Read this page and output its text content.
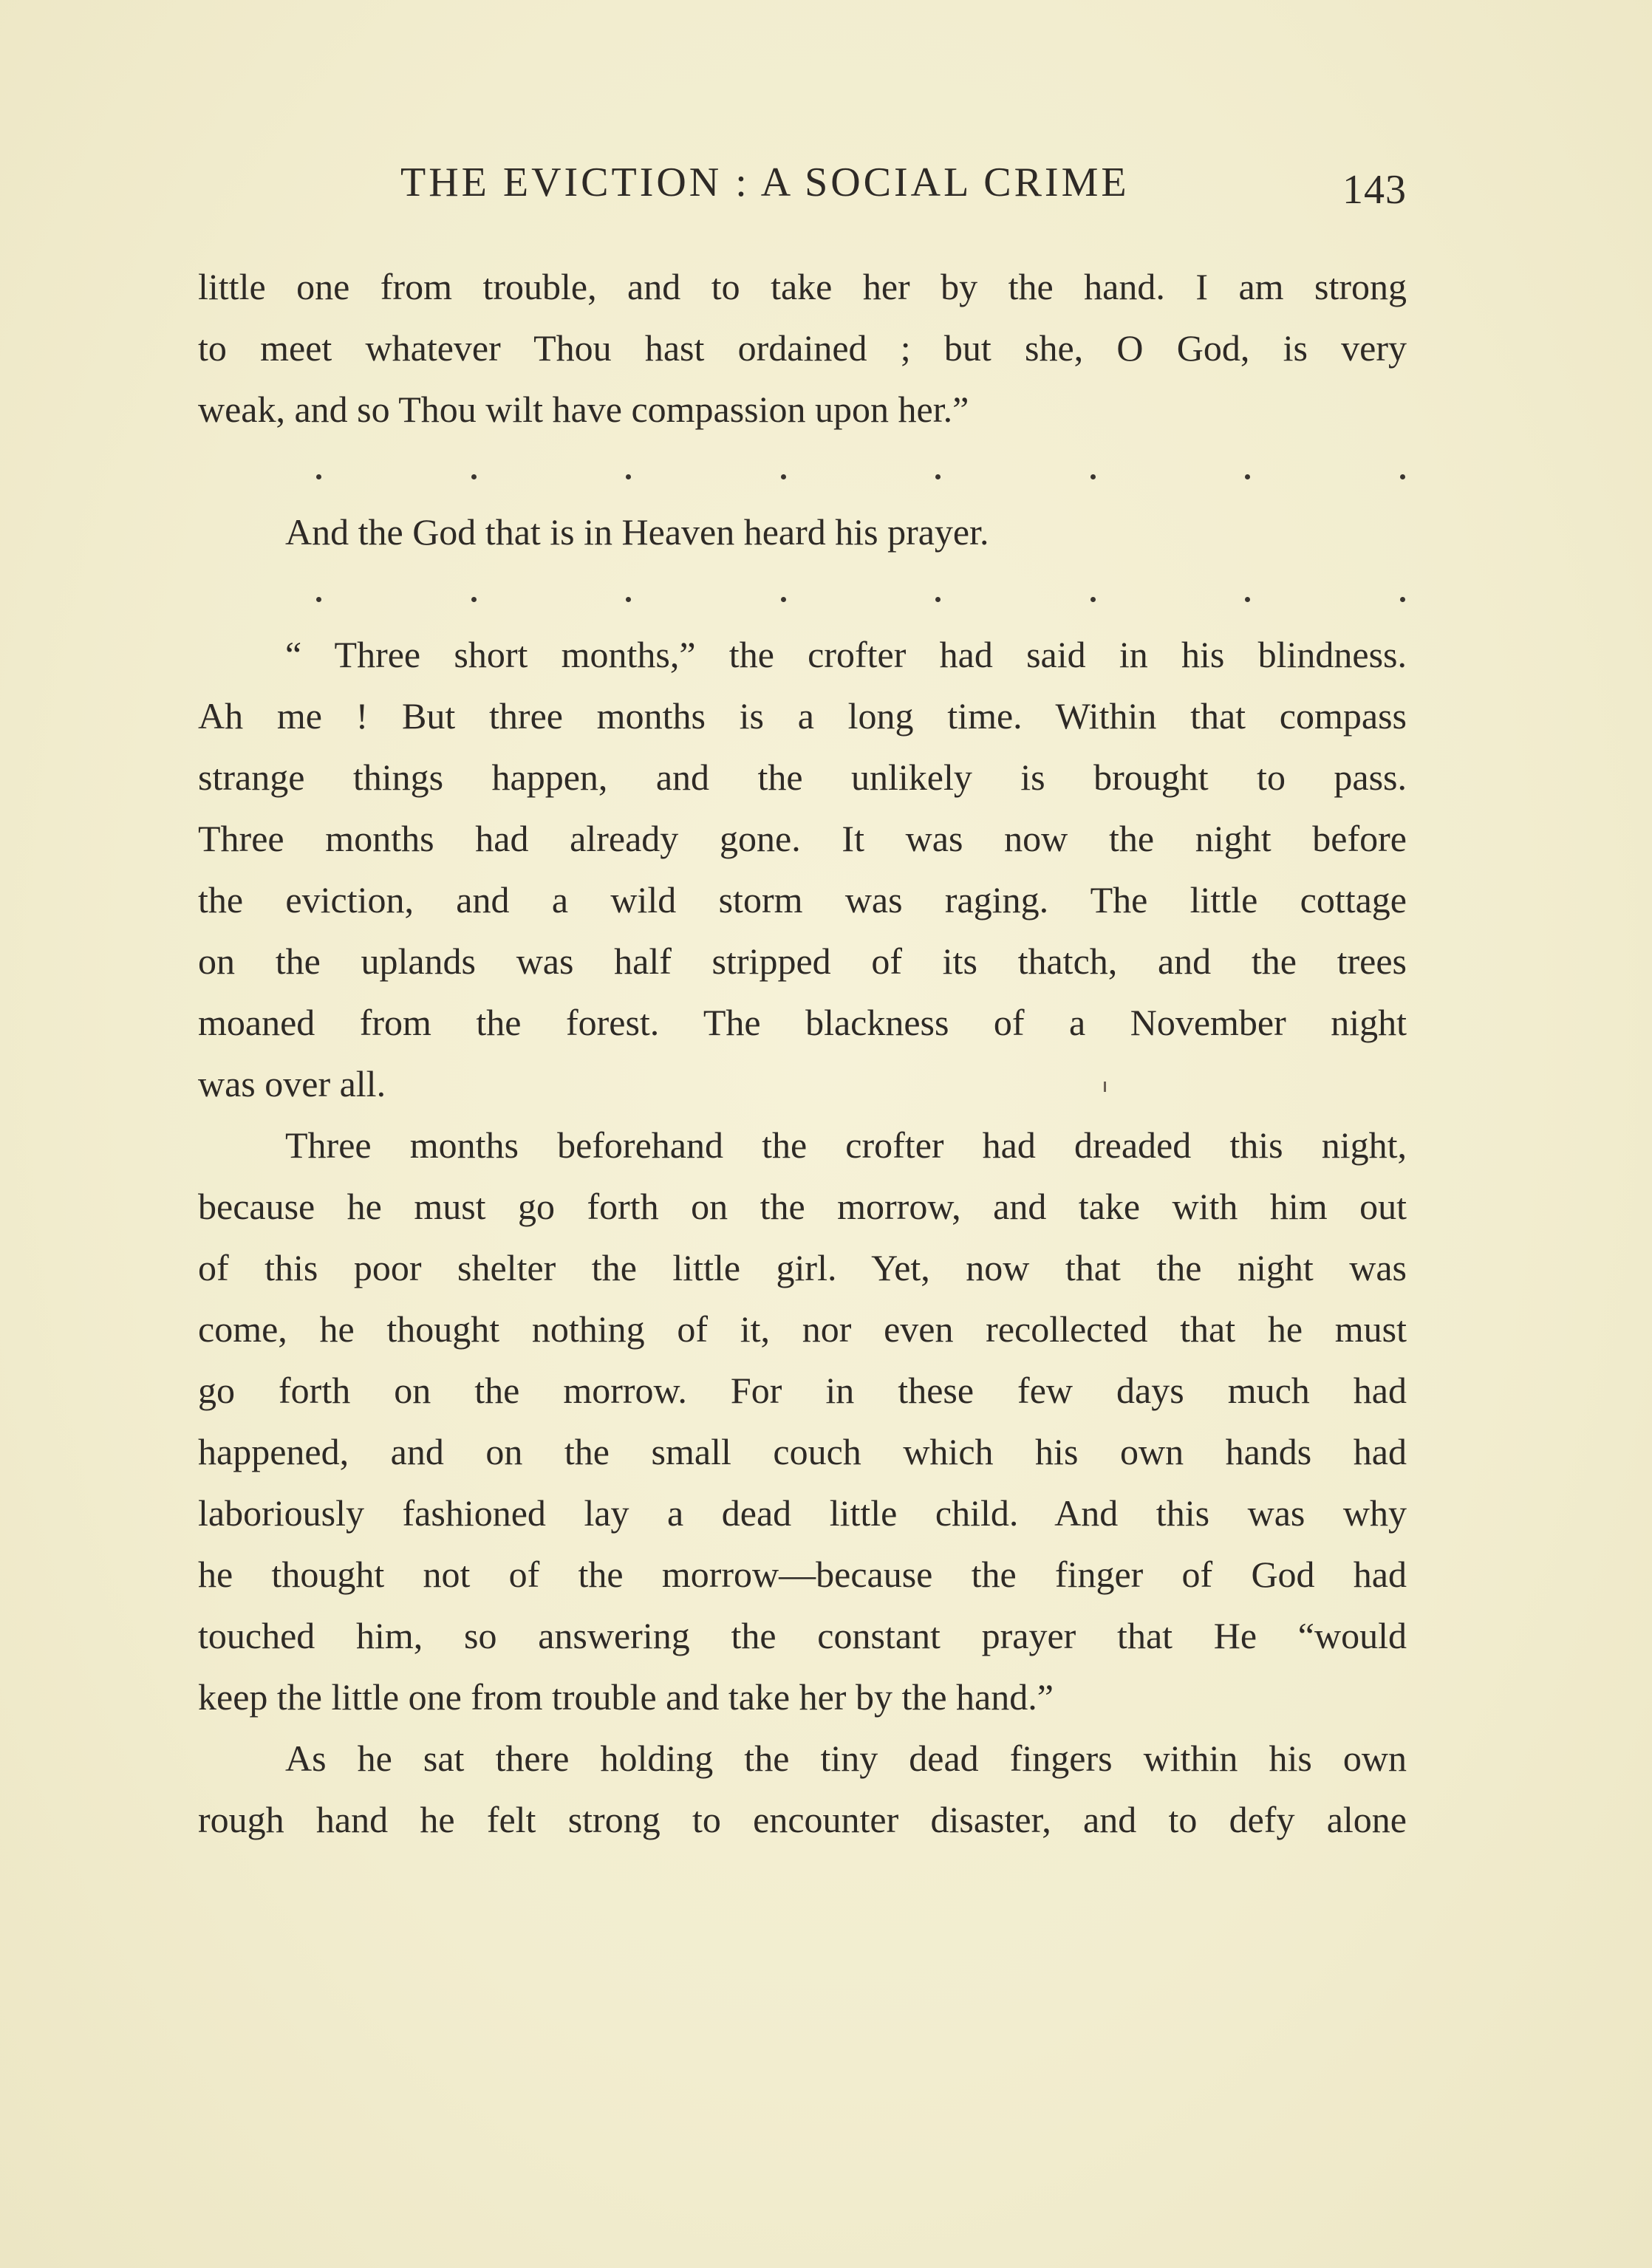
THE EVICTION : A SOCIAL CRIME	143
little one from trouble, and to take her by the hand. I am strong
to meet whatever Thou hast ordained ; but she, O God, is very
weak, and so Thou wilt have compassion upon her.”
And the God that is in Heaven heard his prayer.
“ Three short months,” the crofter had said in his blindness.
Ah me ! But three months is a long time. Within that compass
strange things happen, and the unlikely is brought to pass.
Three months had already gone. It was now the night before
the eviction, and a wild storm was raging. The little cottage
on the uplands was half stripped of its thatch, and the trees
moaned from the forest. The blackness of a November night
was over all.
Three months beforehand the crofter had dreaded this night,
because he must go forth on the morrow, and take with him out
of this poor shelter the little girl. Yet, now that the night was
come, he thought nothing of it, nor even recollected that he must
go forth on the morrow. For in these few days much had
happened, and on the small couch which his own hands had
laboriously fashioned lay a dead little child. And this was why
he thought not of the morrow—because the finger of God had
touched him, so answering the constant prayer that He “would
keep the little one from trouble and take her by the hand.”
As he sat there holding the tiny dead fingers within his own
rough hand he felt strong to encounter disaster, and to defy alone
